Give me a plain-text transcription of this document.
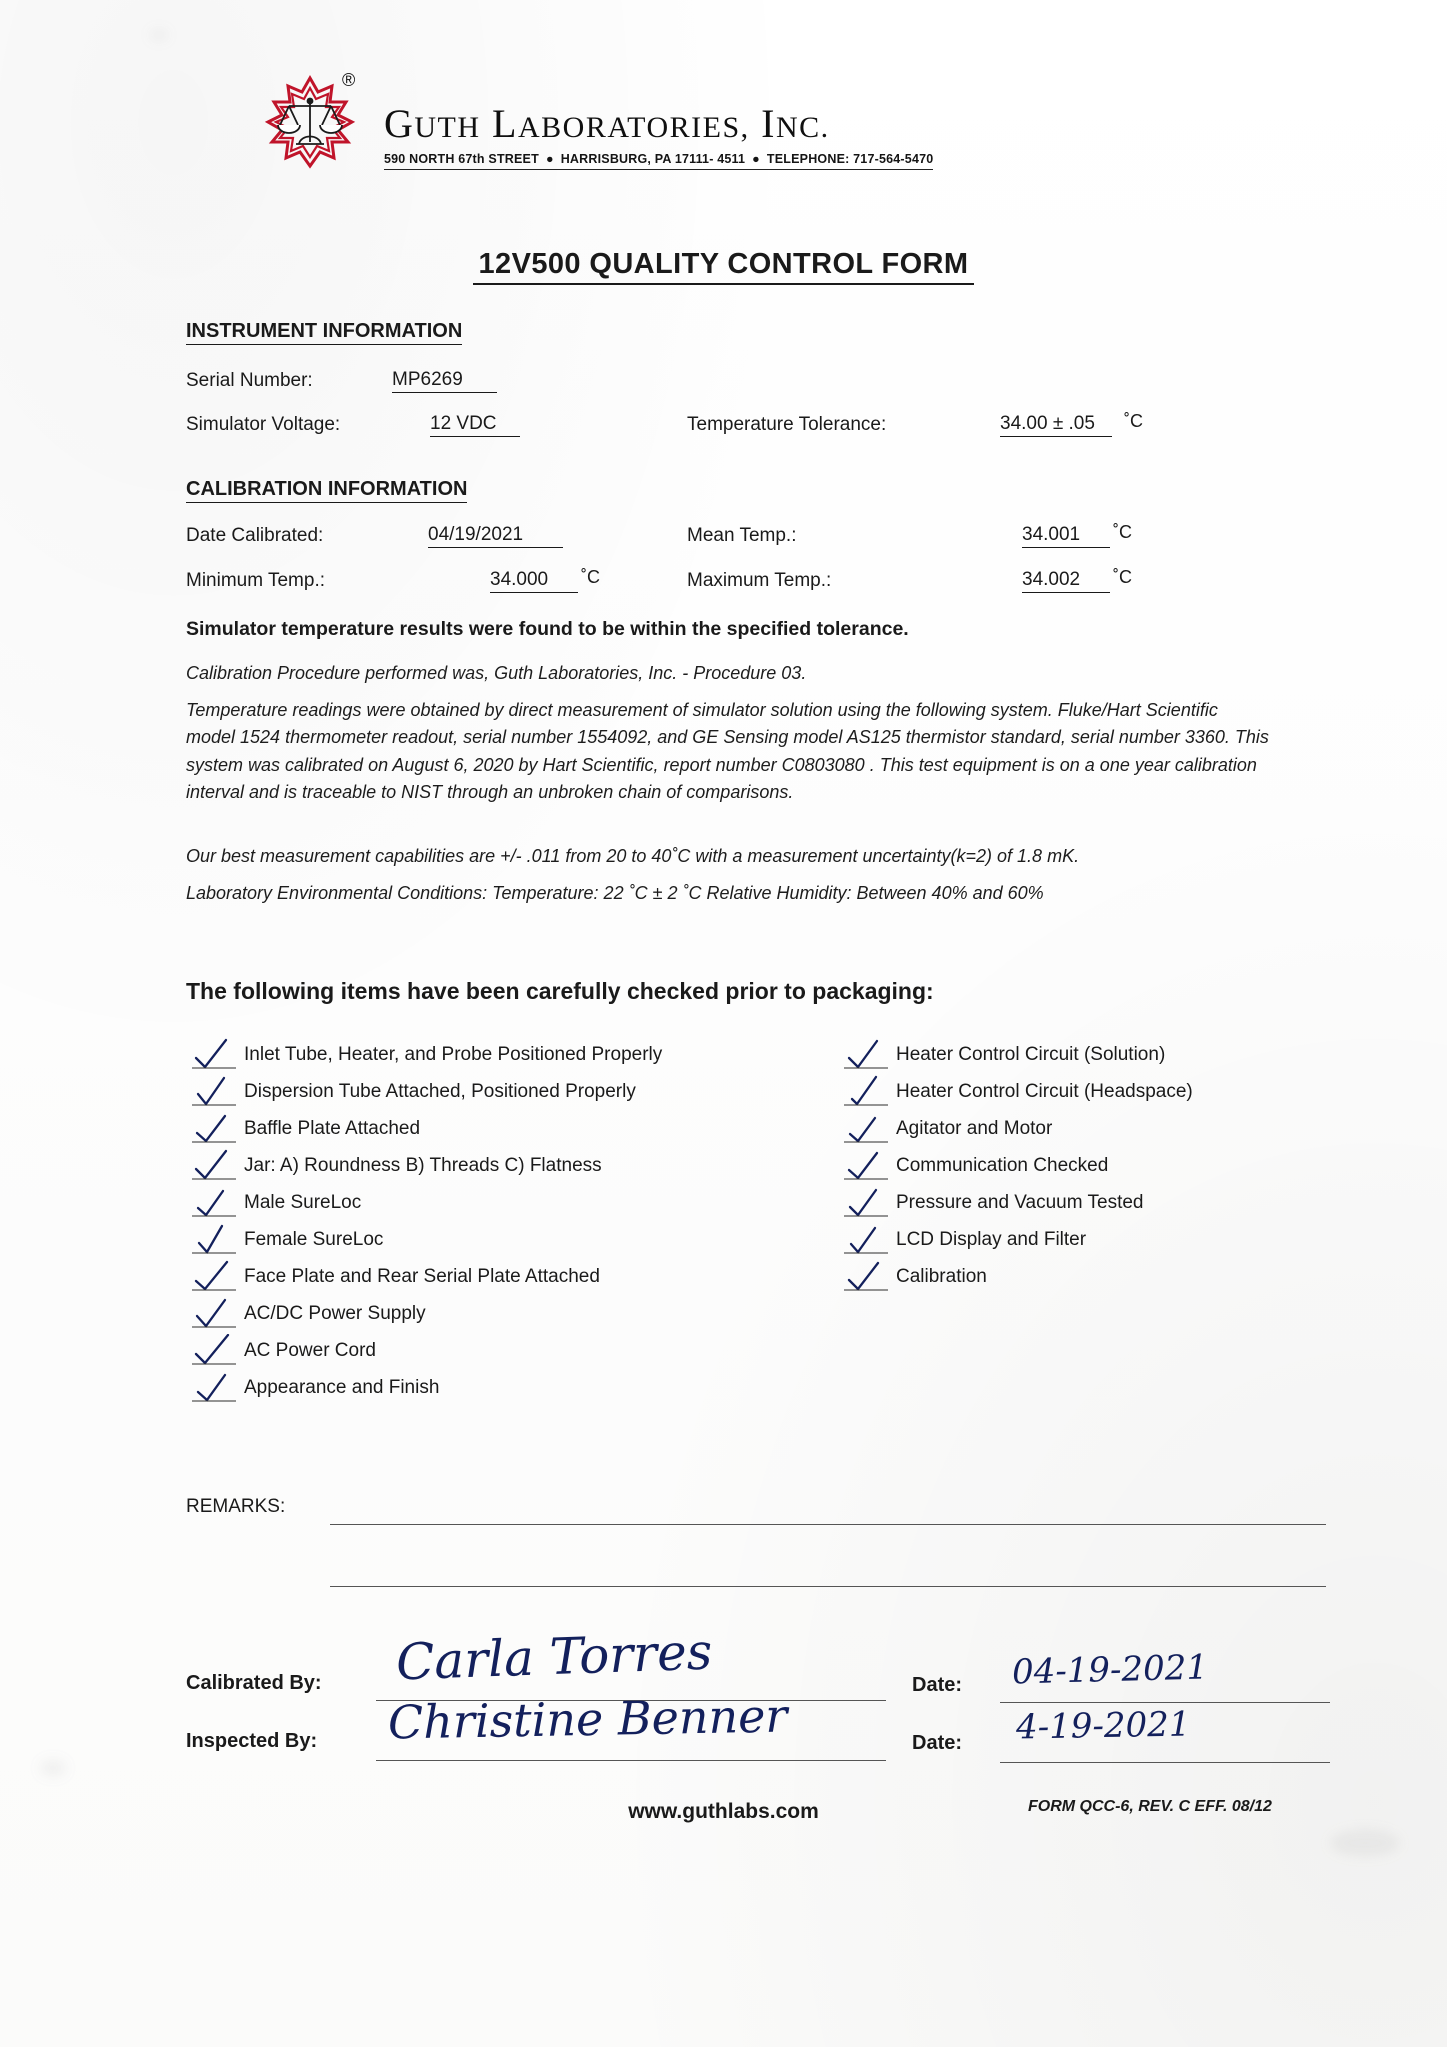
®
GUTH LABORATORIES, INC.
590 NORTH 67th STREET ● HARRISBURG, PA 17111- 4511 ● TELEPHONE: 717-564-5470
12V500 QUALITY CONTROL FORM
INSTRUMENT INFORMATION
Serial Number:	MP6269
Simulator Voltage:	12 VDC	Temperature Tolerance:	34.00 ± .05	˚C
CALIBRATION INFORMATION
Date Calibrated:	04/19/2021	Mean Temp.:	34.001	˚C
Minimum Temp.:	34.000	˚C	Maximum Temp.:	34.002	˚C
Simulator temperature results were found to be within the specified tolerance.
Calibration Procedure performed was, Guth Laboratories, Inc. - Procedure 03.
Temperature readings were obtained by direct measurement of simulator solution using the following system. Fluke/Hart Scientific model 1524 thermometer readout, serial number 1554092, and GE Sensing model AS125 thermistor standard, serial number 3360. This system was calibrated on August 6, 2020 by Hart Scientific, report number C0803080 . This test equipment is on a one year calibration interval and is traceable to NIST through an unbroken chain of comparisons.
Our best measurement capabilities are +/- .011 from 20 to 40˚C with a measurement uncertainty(k=2) of 1.8 mK.
Laboratory Environmental Conditions: Temperature: 22 ˚C ± 2 ˚C Relative Humidity: Between 40% and 60%
The following items have been carefully checked prior to packaging:
Inlet Tube, Heater, and Probe Positioned Properly
Dispersion Tube Attached, Positioned Properly
Baffle Plate Attached
Jar: A) Roundness B) Threads C) Flatness
Male SureLoc
Female SureLoc
Face Plate and Rear Serial Plate Attached
AC/DC Power Supply
AC Power Cord
Appearance and Finish
Heater Control Circuit (Solution)
Heater Control Circuit (Headspace)
Agitator and Motor
Communication Checked
Pressure and Vacuum Tested
LCD Display and Filter
Calibration
REMARKS:
Calibrated By: Carla Torres	Date: 04-19-2021
Inspected By: Christine Benner	Date: 4-19-2021
www.guthlabs.com	FORM QCC-6, REV. C EFF. 08/12
